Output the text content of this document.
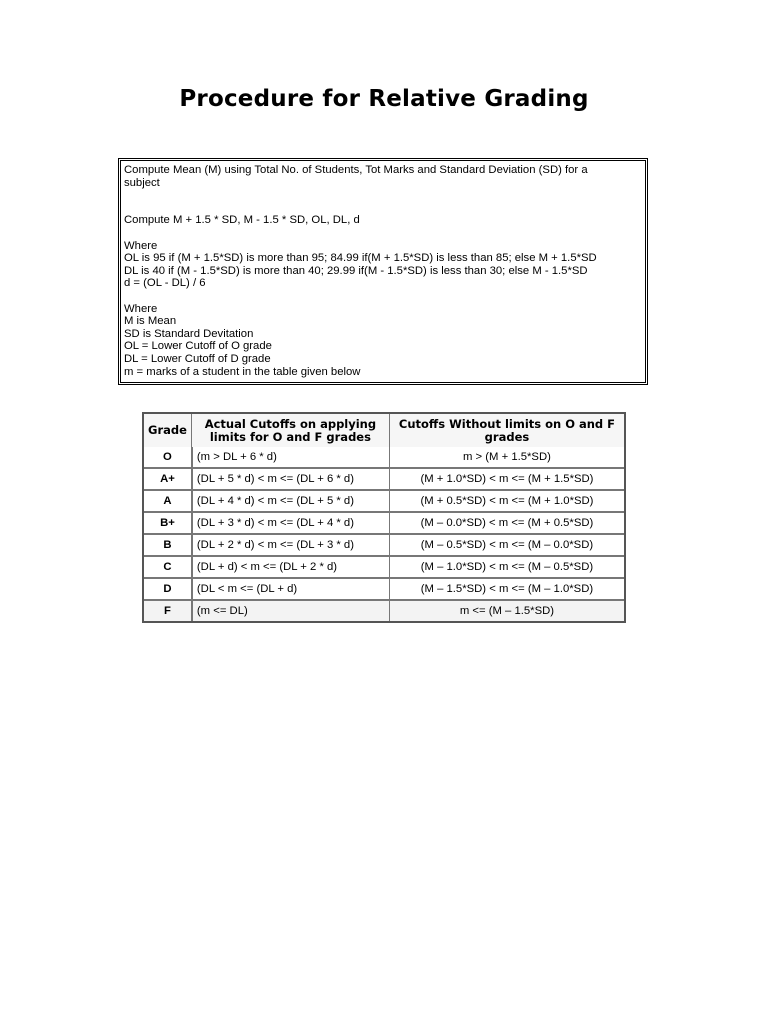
Procedure for Relative Grading
Compute Mean (M) using Total No. of Students, Tot Marks and Standard Deviation (SD) for a
subject
Compute M + 1.5 * SD, M - 1.5 * SD, OL, DL, d
Where
OL is 95 if (M + 1.5*SD) is more than 95; 84.99 if(M + 1.5*SD) is less than 85; else M + 1.5*SD
DL is 40 if (M - 1.5*SD) is more than 40; 29.99 if(M - 1.5*SD) is less than 30; else M - 1.5*SD
d = (OL - DL) / 6
Where
M is Mean
SD is Standard Devitation
OL = Lower Cutoff of O grade
DL = Lower Cutoff of D grade
m = marks of a student in the table given below
Grade	Actual Cutoffs on applying limits for O and F grades	Cutoffs Without limits on O and F grades
O	(m > DL + 6 * d)	m > (M + 1.5*SD)
A+	(DL + 5 * d) < m <= (DL + 6 * d)	(M + 1.0*SD) < m <= (M + 1.5*SD)
A	(DL + 4 * d) < m <= (DL + 5 * d)	(M + 0.5*SD) < m <= (M + 1.0*SD)
B+	(DL + 3 * d) < m <= (DL + 4 * d)	(M – 0.0*SD) < m <= (M + 0.5*SD)
B	(DL + 2 * d) < m <= (DL + 3 * d)	(M – 0.5*SD) < m <= (M – 0.0*SD)
C	(DL + d) < m <= (DL + 2 * d)	(M – 1.0*SD) < m <= (M – 0.5*SD)
D	(DL < m <= (DL + d)	(M – 1.5*SD) < m <= (M – 1.0*SD)
F	(m <= DL)	m <= (M – 1.5*SD)
